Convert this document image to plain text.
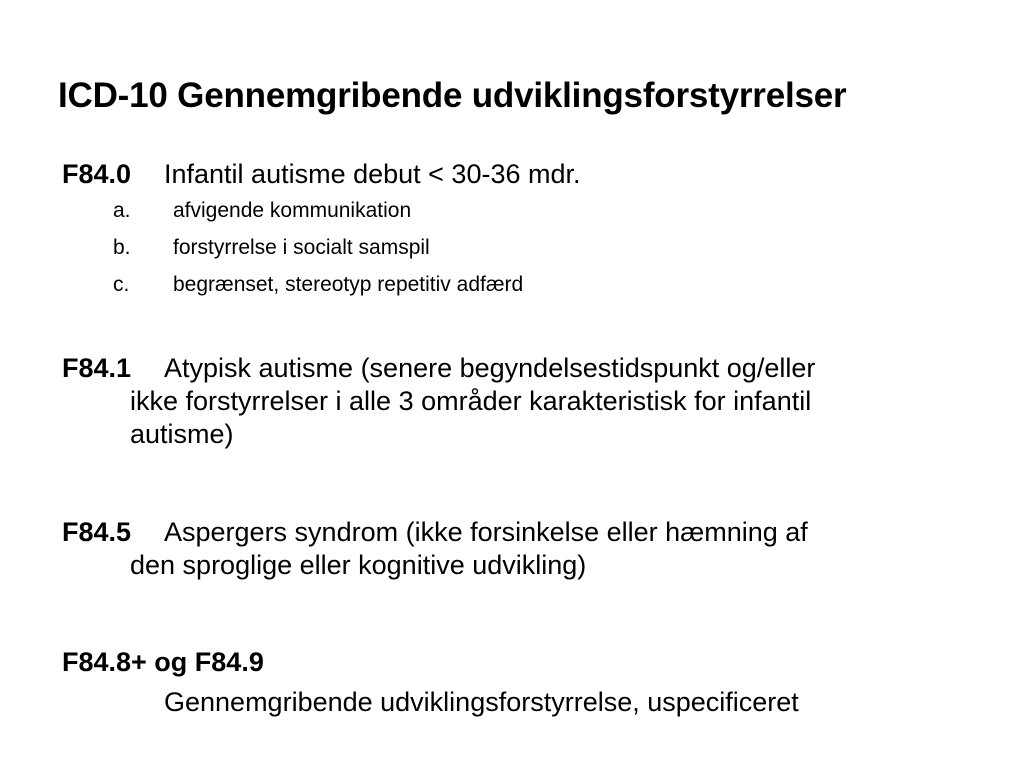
ICD-10 Gennemgribende udviklingsforstyrrelser
F84.0 Infantil autisme debut < 30-36 mdr.
a. afvigende kommunikation
b. forstyrrelse i socialt samspil
c. begrænset, stereotyp repetitiv adfærd
F84.1 Atypisk autisme (senere begyndelsestidspunkt og/eller
ikke forstyrrelser i alle 3 områder karakteristisk for infantil
autisme)
F84.5 Aspergers syndrom (ikke forsinkelse eller hæmning af
den sproglige eller kognitive udvikling)
F84.8+ og F84.9
Gennemgribende udviklingsforstyrrelse, uspecificeret
